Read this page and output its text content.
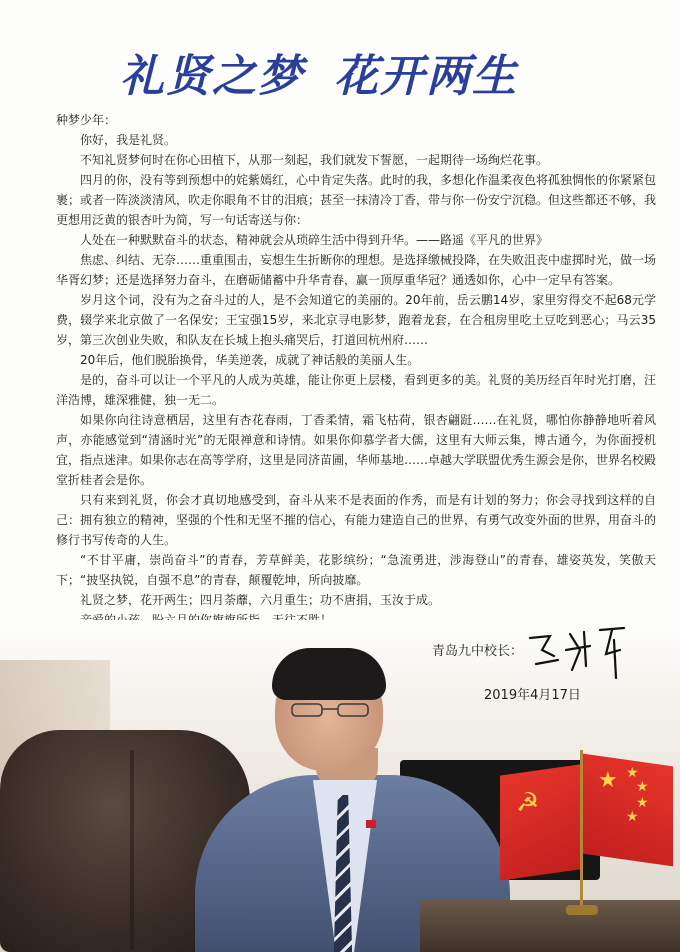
礼贤之梦 花开两生

种梦少年：

你好，我是礼贤。

不知礼贤梦何时在你心田植下，从那一刻起，我们就发下誓愿，一起期待一场绚烂花事。

四月的你，没有等到预想中的姹紫嫣红，心中肯定失落。此时的我，多想化作温柔夜色将孤独惆怅的你紧紧包裹；或者一阵淡淡清风，吹走你眼角不甘的泪痕；甚至一抹清冷丁香，带与你一份安宁沉稳。但这些都还不够，我更想用泛黄的银杏叶为简，写一句话寄送与你：

人处在一种默默奋斗的状态，精神就会从琐碎生活中得到升华。——路遥《平凡的世界》

焦虑、纠结、无奈……重重围击，妄想生生折断你的理想。是选择缴械投降，在失败沮丧中虚掷时光，做一场华胥幻梦；还是选择努力奋斗，在磨砺储蓄中升华青春，赢一顶厚重华冠？通透如你，心中一定早有答案。

岁月这个词，没有为之奋斗过的人，是不会知道它的美丽的。20年前，岳云鹏14岁，家里穷得交不起68元学费，辍学来北京做了一名保安；王宝强15岁，来北京寻电影梦，跑着龙套，在合租房里吃土豆吃到恶心；马云35岁，第三次创业失败，和队友在长城上抱头痛哭后，打道回杭州府……

20年后，他们脱胎换骨，华美逆袭，成就了神话般的美丽人生。

是的，奋斗可以让一个平凡的人成为英雄，能让你更上层楼，看到更多的美。礼贤的美历经百年时光打磨，汪洋浩博，雄深雅健，独一无二。

如果你向往诗意栖居，这里有杏花春雨，丁香柔情，霜飞枯荷，银杏翩跹……在礼贤，哪怕你静静地听着风声，亦能感觉到“清涵时光”的无限禅意和诗情。如果你仰慕学者大儒，这里有大师云集，博古通今，为你面授机宜，指点迷津。如果你志在高等学府，这里是同济苗圃，华师基地……卓越大学联盟优秀生源会是你，世界名校殿堂折桂者会是你。

只有来到礼贤，你会才真切地感受到，奋斗从来不是表面的作秀，而是有计划的努力；你会寻找到这样的自己：拥有独立的精神，坚强的个性和无坚不摧的信心，有能力建造自己的世界，有勇气改变外面的世界，用奋斗的修行书写传奇的人生。

“不甘平庸，崇尚奋斗”的青春，芳草鲜美，花影缤纷；“急流勇进，涉海登山”的青春，雄姿英发，笑傲天下；“披坚执锐，自强不息”的青春，颠覆乾坤，所向披靡。

礼贤之梦，花开两生；四月荼蘼，六月重生；功不唐捐，玉汝于成。

☭
★ ★
★
★
★
青岛九中校长：
2019年4月17日
